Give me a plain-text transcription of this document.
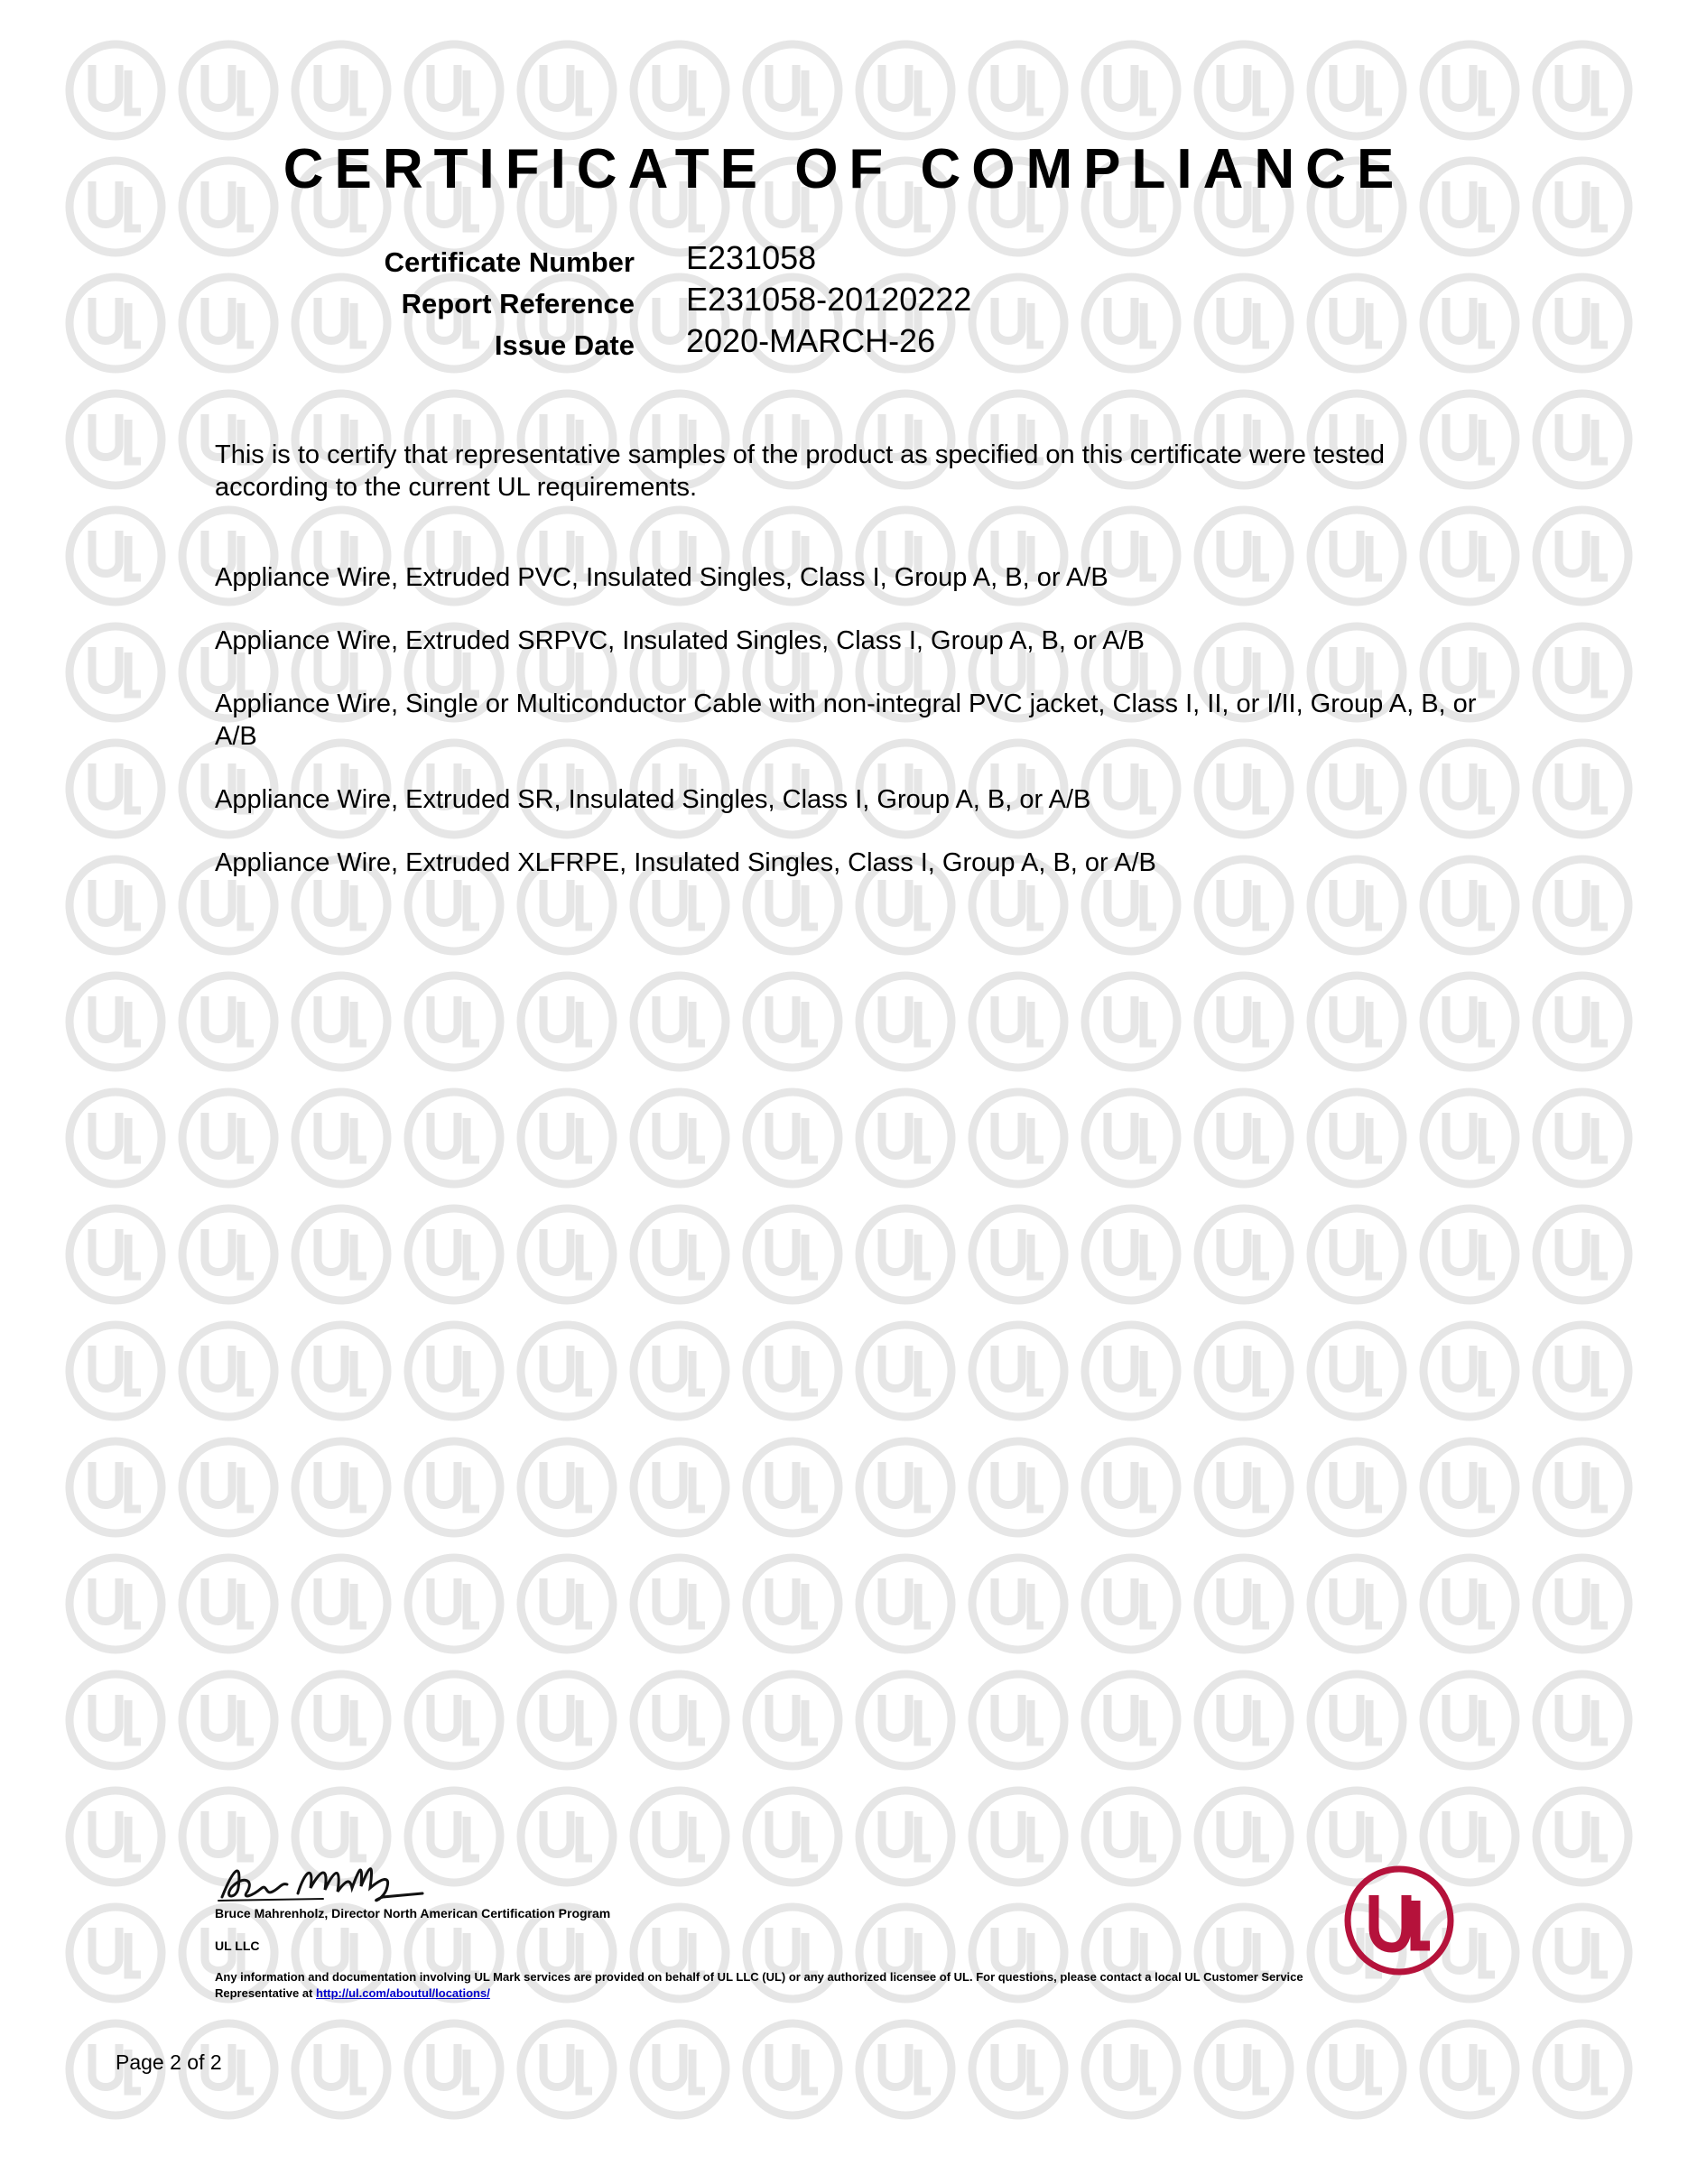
CERTIFICATE OF COMPLIANCE
Certificate Number E231058
Report Reference E231058-20120222
Issue Date 2020-MARCH-26
This is to certify that representative samples of the product as specified on this certificate were tested according to the current UL requirements.

Appliance Wire, Extruded PVC, Insulated Singles, Class I, Group A, B, or A/B

Appliance Wire, Extruded SRPVC, Insulated Singles, Class I, Group A, B, or A/B

Appliance Wire, Single or Multiconductor Cable with non-integral PVC jacket, Class I, II, or I/II, Group A, B, or A/B

Appliance Wire, Extruded SR, Insulated Singles, Class I, Group A, B, or A/B

Appliance Wire, Extruded XLFRPE, Insulated Singles, Class I, Group A, B, or A/B

Bruce Mahrenholz, Director North American Certification Program
UL LLC
Any information and documentation involving UL Mark services are provided on behalf of UL LLC (UL) or any authorized licensee of UL. For questions, please contact a local UL Customer Service Representative at http://ul.com/aboutul/locations/
Page 2 of 2
